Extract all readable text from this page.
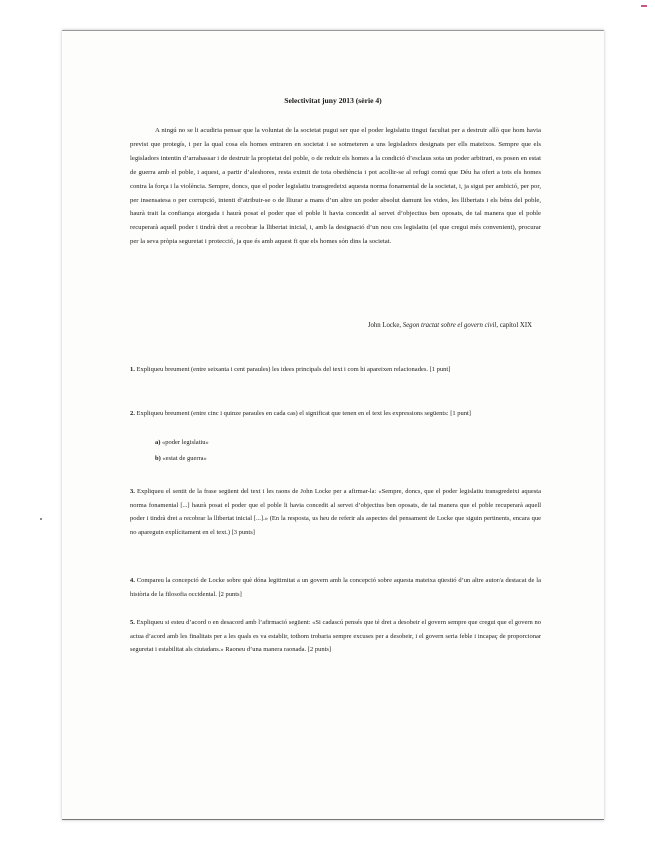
Selectivitat juny 2013 (sèrie 4)
A ningú no se li acudiria pensar que la voluntat de la societat pugui ser que el poder legislatiu tingui facultat per a destruir allò que hom havia previst que protegís, i per la qual cosa els homes entraren en societat i se sotmeteren a uns legisladors designats per ells mateixos. Sempre que els legisladors intentin d’arrabassar i de destruir la propietat del poble, o de reduir els homes a la condició d’esclaus sota un poder arbitrari, es posen en estat de guerra amb el poble, i aquest, a partir d’aleshores, resta eximit de tota obediència i pot acollir-se al refugi comú que Déu ha ofert a tots els homes contra la força i la violència. Sempre, doncs, que el poder legislatiu transgredeixi aquesta norma fonamental de la societat, i, ja sigui per ambició, per por, per insensatesa o per corrupció, intenti d’atribuir-se o de lliurar a mans d’un altre un poder absolut damunt les vides, les llibertats i els béns del poble, haurà trait la confiança atorgada i haurà posat el poder que el poble li havia concedit al servei d’objectius ben oposats, de tal manera que el poble recuperarà aquell poder i tindrà dret a recobrar la llibertat inicial, i, amb la designació d’un nou cos legislatiu (el que cregui més convenient), procurar per la seva pròpia seguretat i protecció, ja que és amb aquest fi que els homes són dins la societat.
John Locke, Segon tractat sobre el govern civil, capítol XIX
1. Expliqueu breument (entre seixanta i cent paraules) les idees principals del text i com hi apareixen relacionades. [1 punt]
2. Expliqueu breument (entre cinc i quinze paraules en cada cas) el significat que tenen en el text les expressions següents: [1 punt]
a) «poder legislatiu»
b) «estat de guerra»
3. Expliqueu el sentit de la frase següent del text i les raons de John Locke per a afirmar-la: «Sempre, doncs, que el poder legislatiu transgredeixi aquesta norma fonamental [...] haurà posat el poder que el poble li havia concedit al servei d’objectius ben oposats, de tal manera que el poble recuperarà aquell poder i tindrà dret a recobrar la llibertat inicial [...].» (En la resposta, us heu de referir als aspectes del pensament de Locke que siguin pertinents, encara que no apareguin explícitament en el text.) [3 punts]
4. Compareu la concepció de Locke sobre què dóna legitimitat a un govern amb la concepció sobre aquesta mateixa qüestió d’un altre autor/a destacat de la història de la filosofia occidental. [2 punts]
5. Expliqueu si esteu d’acord o en desacord amb l’afirmació següent: «Si cadascú pensés que té dret a desobeir el govern sempre que cregui que el govern no actua d’acord amb les finalitats per a les quals es va establir, tothom trobaria sempre excuses per a desobeir, i el govern seria feble i incapaç de proporcionar seguretat i estabilitat als ciutadans.» Raoneu d’una manera raonada. [2 punts]
